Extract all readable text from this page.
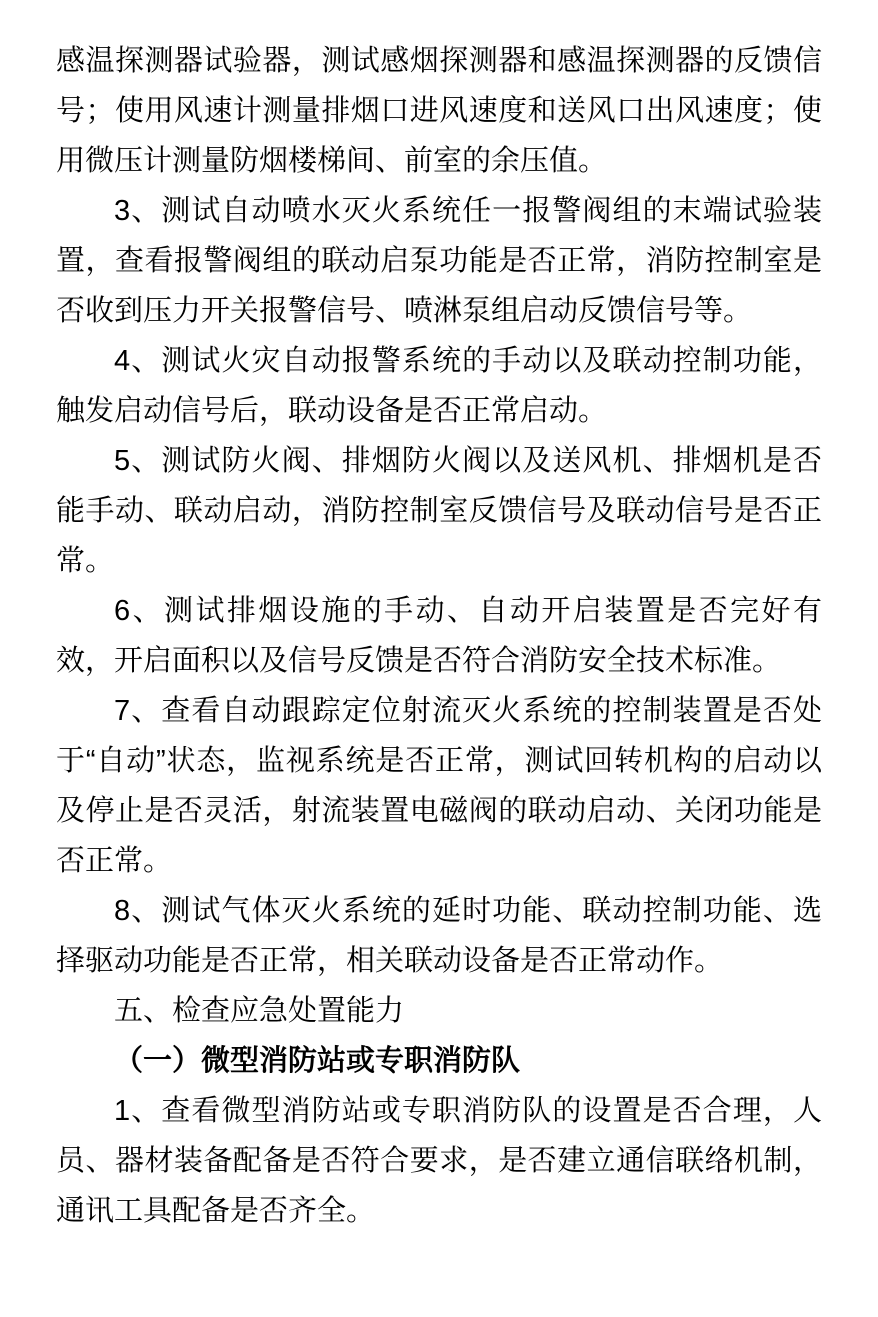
感温探测器试验器，测试感烟探测器和感温探测器的反馈信号；使用风速计测量排烟口进风速度和送风口出风速度；使用微压计测量防烟楼梯间、前室的余压值。

3、测试自动喷水灭火系统任一报警阀组的末端试验装置，查看报警阀组的联动启泵功能是否正常，消防控制室是否收到压力开关报警信号、喷淋泵组启动反馈信号等。

4、测试火灾自动报警系统的手动以及联动控制功能，触发启动信号后，联动设备是否正常启动。

5、测试防火阀、排烟防火阀以及送风机、排烟机是否能手动、联动启动，消防控制室反馈信号及联动信号是否正常。

6、测试排烟设施的手动、自动开启装置是否完好有效，开启面积以及信号反馈是否符合消防安全技术标准。

7、查看自动跟踪定位射流灭火系统的控制装置是否处于“自动”状态，监视系统是否正常，测试回转机构的启动以及停止是否灵活，射流装置电磁阀的联动启动、关闭功能是否正常。

8、测试气体灭火系统的延时功能、联动控制功能、选择驱动功能是否正常，相关联动设备是否正常动作。

五、检查应急处置能力

（一）微型消防站或专职消防队

1、查看微型消防站或专职消防队的设置是否合理，人员、器材装备配备是否符合要求，是否建立通信联络机制，通讯工具配备是否齐全。
